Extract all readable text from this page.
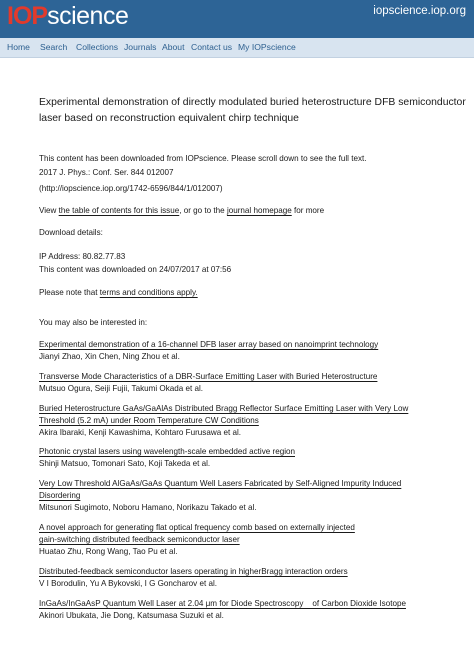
IOPscience	iopscience.iop.org
Home Search Collections Journals About Contact us My IOPscience
Experimental demonstration of directly modulated buried heterostructure DFB semiconductor
laser based on reconstruction equivalent chirp technique
This content has been downloaded from IOPscience. Please scroll down to see the full text.
2017 J. Phys.: Conf. Ser. 844 012007
(http://iopscience.iop.org/1742-6596/844/1/012007)
View the table of contents for this issue, or go to the journal homepage for more
Download details:
IP Address: 80.82.77.83
This content was downloaded on 24/07/2017 at 07:56
Please note that terms and conditions apply.
You may also be interested in:
Experimental demonstration of a 16-channel DFB laser array based on nanoimprint technology
Jianyi Zhao, Xin Chen, Ning Zhou et al.
Transverse Mode Characteristics of a DBR-Surface Emitting Laser with Buried Heterostructure
Mutsuo Ogura, Seiji Fujii, Takumi Okada et al.
Buried Heterostructure GaAs/GaAlAs Distributed Bragg Reflector Surface Emitting Laser with Very Low
Threshold (5.2 mA) under Room Temperature CW Conditions
Akira Ibaraki, Kenji Kawashima, Kohtaro Furusawa et al.
Photonic crystal lasers using wavelength-scale embedded active region
Shinji Matsuo, Tomonari Sato, Koji Takeda et al.
Very Low Threshold AlGaAs/GaAs Quantum Well Lasers Fabricated by Self-Aligned Impurity Induced
Disordering
Mitsunori Sugimoto, Noboru Hamano, Norikazu Takado et al.
A novel approach for generating flat optical frequency comb based on externally injected
gain-switching distributed feedback semiconductor laser
Huatao Zhu, Rong Wang, Tao Pu et al.
Distributed-feedback semiconductor lasers operating in higherBragg interaction orders
V I Borodulin, Yu A Bykovski, I G Goncharov et al.
InGaAs/InGaAsP Quantum Well Laser at 2.04 μm for Diode Spectroscopy    of Carbon Dioxide Isotope
Akinori Ubukata, Jie Dong, Katsumasa Suzuki et al.
